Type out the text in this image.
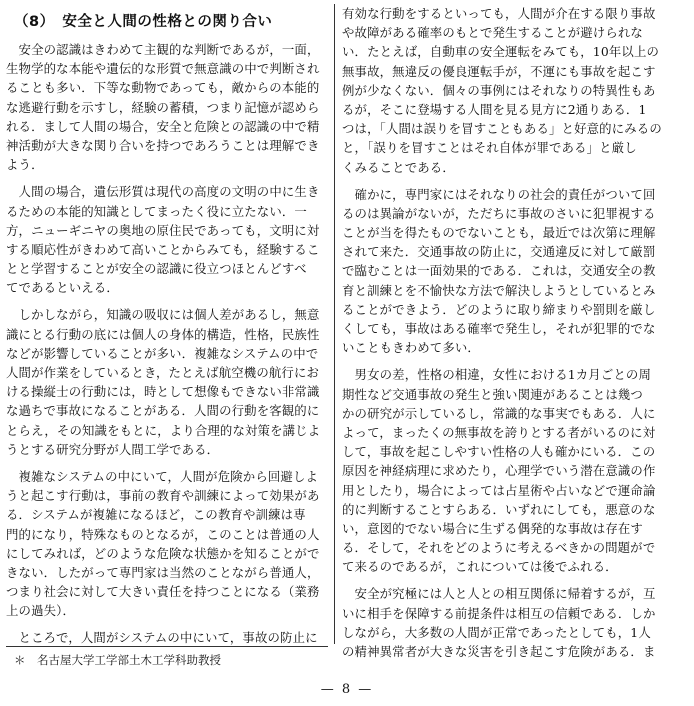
（8）　安全と人間の性格との関り合い
　安全の認識はきわめて主観的な判断であるが，一面，
生物学的な本能や遺伝的な形質で無意識の中で判断され
ることも多い．下等な動物であっても，敵からの本能的
な逃避行動を示すし，経験の蓄積，つまり記憶が認めら
れる．まして人間の場合，安全と危険との認識の中で精
神活動が大きな関り合いを持つであろうことは理解でき
よう．
　人間の場合，遺伝形質は現代の高度の文明の中に生き
るための本能的知識としてまったく役に立たない．一
方，ニューギニヤの奥地の原住民であっても，文明に対
する順応性がきわめて高いことからみても，経験するこ
とと学習することが安全の認識に役立つほとんどすべ
てであるといえる．
　しかしながら，知識の吸収には個人差があるし，無意
識にとる行動の底には個人の身体的構造，性格，民族性
などが影響していることが多い．複雑なシステムの中で
人間が作業をしているとき，たとえば航空機の航行にお
ける操縦士の行動には，時として想像もできない非常識
な過ちで事故になることがある．人間の行動を客観的に
とらえ，その知識をもとに，より合理的な対策を講じよ
うとする研究分野が人間工学である．
　複雑なシステムの中にいて，人間が危険から回避しよ
うと起こす行動は，事前の教育や訓練によって効果があ
る．システムが複雑になるほど，この教育や訓練は専
門的になり，特殊なものとなるが，このことは普通の人
にしてみれば，どのような危険な状態かを知ることがで
きない．したがって専門家は当然のことながら普通人，
つまり社会に対して大きい責任を持つことになる（業務
上の過失）．
　ところで，人間がシステムの中にいて，事故の防止に
有効な行動をするといっても，人間が介在する限り事故
や故障がある確率のもとで発生することが避けられな
い．たとえば，自動車の安全運転をみても，10年以上の
無事故，無違反の優良運転手が，不運にも事故を起こす
例が少なくない．個々の事例にはそれなりの特異性もあ
るが，そこに登場する人間を見る見方に2通りある．1
つは，「人間は誤りを冒すこともある」と好意的にみるの
と，「誤りを冒すことはそれ自体が罪である」と厳し
くみることである．
　確かに，専門家にはそれなりの社会的責任がついて回
るのは異論がないが，ただちに事故のさいに犯罪視する
ことが当を得たものでないことも，最近では次第に理解
されて来た．交通事故の防止に，交通違反に対して厳罰
で臨むことは一面効果的である．これは，交通安全の教
育と訓練とを不愉快な方法で解決しようとしているとみ
ることができよう．どのように取り締まりや罰則を厳し
くしても，事故はある確率で発生し，それが犯罪的でな
いこともきわめて多い．
　男女の差，性格の相違，女性における1カ月ごとの周
期性など交通事故の発生と強い関連があることは幾つ
かの研究が示しているし，常識的な事実でもある．人に
よって，まったくの無事故を誇りとする者がいるのに対
して，事故を起こしやすい性格の人も確かにいる．この
原因を神経病理に求めたり，心理学でいう潜在意識の作
用としたり，場合によっては占星術や占いなどで運命論
的に判断することすらある．いずれにしても，悪意のな
い，意図的でない場合に生ずる偶発的な事故は存在す
る．そして，それをどのように考えるべきかの問題がで
て来るのであるが，これについては後でふれる．
　安全が究極には人と人との相互関係に帰着するが，互
いに相手を保障する前提条件は相互の信頼である．しか
しながら，大多数の人間が正常であったとしても，1人
の精神異常者が大きな災害を引き起こす危険がある．ま
＊　名古屋大学工学部土木工学科助教授
— 8 —
